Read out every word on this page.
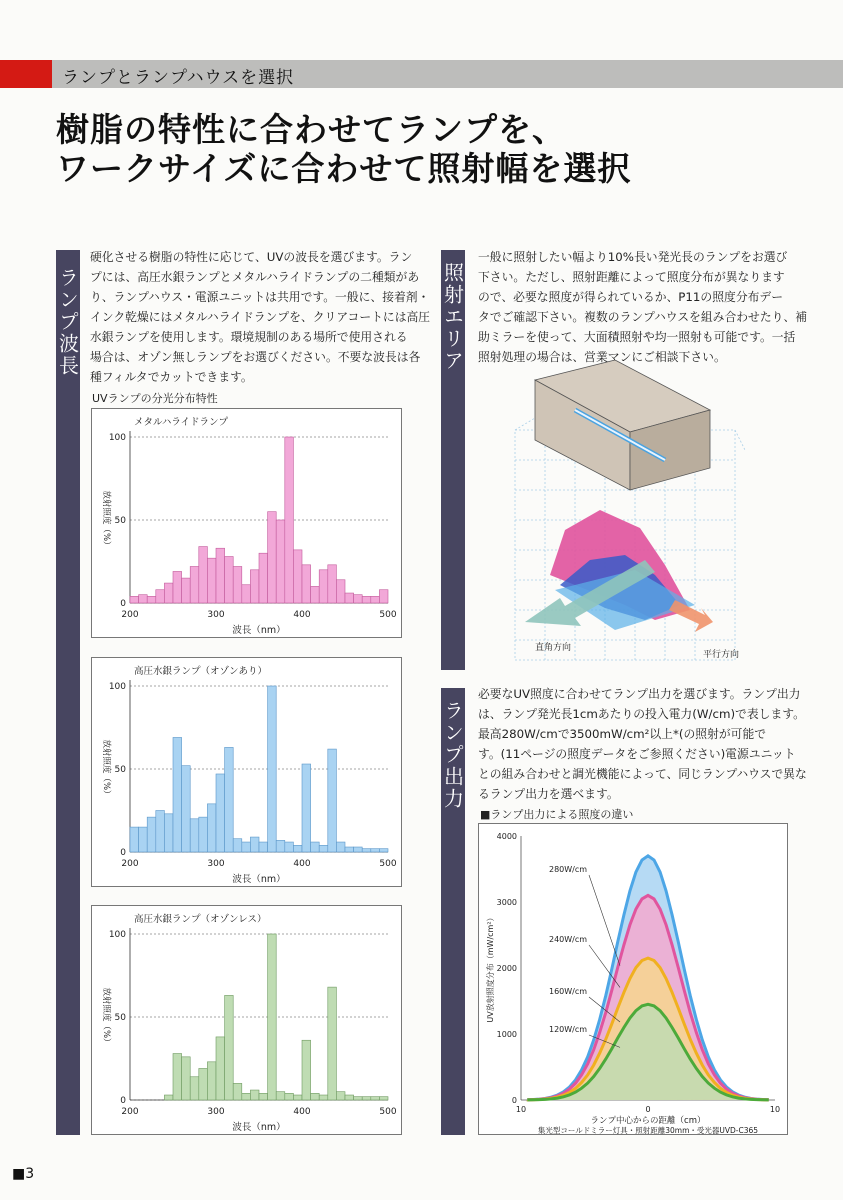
ランプとランプハウスを選択
樹脂の特性に合わせてランプを、
ワークサイズに合わせて照射幅を選択
ランプ波長	照射エリア
ランプ出力
硬化させる樹脂の特性に応じて、UVの波長を選びます。ラン
プには、高圧水銀ランプとメタルハライドランプの二種類があ
り、ランプハウス・電源ユニットは共用です。一般に、接着剤・
インク乾燥にはメタルハライドランプを、クリアコートには高圧
水銀ランプを使用します。環境規制のある場所で使用される
場合は、オゾン無しランプをお選びください。不要な波長は各
種フィルタでカットできます。
UVランプの分光分布特性
メタルハライドランプ
0
50
100
200	300	400	500
波長（nm）
放射照度（%）
高圧水銀ランプ（オゾンあり）
0
50
100
200	300	400	500
波長（nm）
放射照度（%）
高圧水銀ランプ（オゾンレス）
0
50
100
200	300	400	500
波長（nm）
放射照度（%）
一般に照射したい幅より10%長い発光長のランプをお選び
下さい。ただし、照射距離によって照度分布が異なります
ので、必要な照度が得られているか、P11の照度分布デー
タでご確認下さい。複数のランプハウスを組み合わせたり、補
助ミラーを使って、大面積照射や均一照射も可能です。一括
照射処理の場合は、営業マンにご相談下さい。
直角方向
平行方向
必要なUV照度に合わせてランプ出力を選びます。ランプ出力
は、ランプ発光長1cmあたりの投入電力(W/cm)で表します。
最高280W/cmで3500mW/cm²以上*(の照射が可能で
す。(11ページの照度データをご参照ください)電源ユニット
との組み合わせと調光機能によって、同じランプハウスで異な
るランプ出力を選べます。
■ランプ出力による照度の違い
280W/cm
240W/cm
160W/cm
120W/cm
0
1000
2000
3000
4000
10	0	10
ランプ中心からの距離（cm）
集光型コールドミラー灯具・照射距離30mm・受光器UVD-C365
UV放射照度分布（mW/cm²）
■3
